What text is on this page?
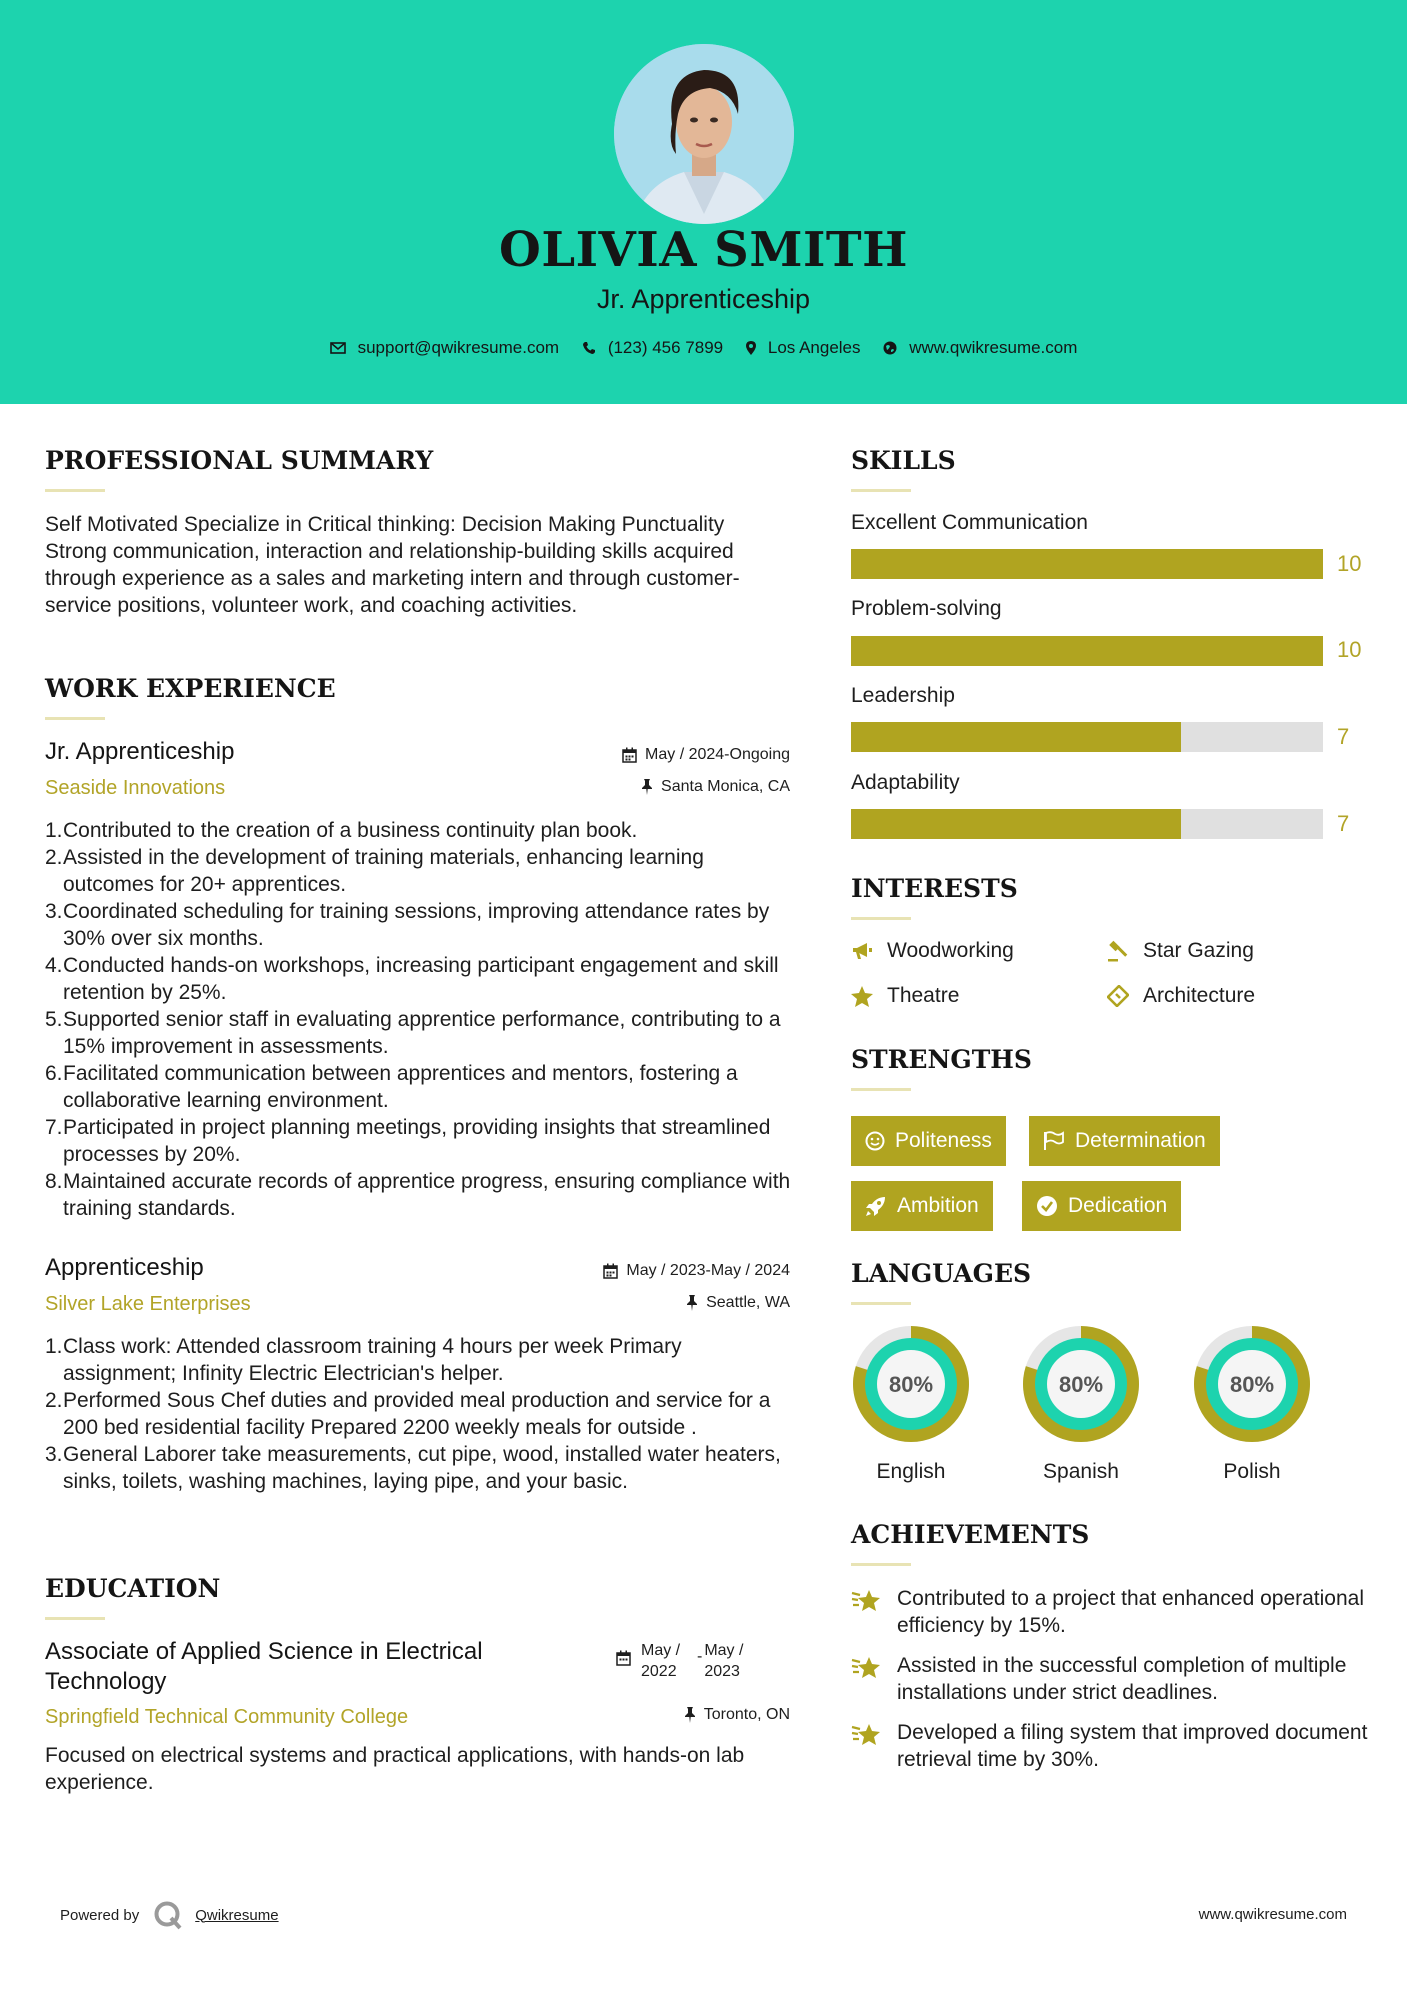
OLIVIA SMITH
Jr. Apprenticeship
support@qwikresume.com
	(123) 456 7899
	Los Angeles
	www.qwikresume.com
PROFESSIONAL SUMMARY
Self Motivated Specialize in Critical thinking: Decision Making Punctuality Strong communication, interaction and relationship-building skills acquired through experience as a sales and marketing intern and through customer-service positions, volunteer work, and coaching activities.
WORK EXPERIENCE
Jr. Apprenticeship	May / 2024-Ongoing
Seaside Innovations	Santa Monica, CA
1. Contributed to the creation of a business continuity plan book.
2. Assisted in the development of training materials, enhancing learning outcomes for 20+ apprentices.
3. Coordinated scheduling for training sessions, improving attendance rates by 30% over six months.
4. Conducted hands-on workshops, increasing participant engagement and skill retention by 25%.
5. Supported senior staff in evaluating apprentice performance, contributing to a 15% improvement in assessments.
6. Facilitated communication between apprentices and mentors, fostering a collaborative learning environment.
7. Participated in project planning meetings, providing insights that streamlined processes by 20%.
8. Maintained accurate records of apprentice progress, ensuring compliance with training standards.
Apprenticeship	May / 2023-May / 2024
Silver Lake Enterprises	Seattle, WA
1. Class work: Attended classroom training 4 hours per week Primary assignment; Infinity Electric Electrician's helper.
2. Performed Sous Chef duties and provided meal production and service for a 200 bed residential facility Prepared 2200 weekly meals for outside .
3. General Laborer take measurements, cut pipe, wood, installed water heaters, sinks, toilets, washing machines, laying pipe, and your basic.
EDUCATION
Associate of Applied Science in Electrical Technology
May / 2022
- May / 2023
Springfield Technical Community College	Toronto, ON
Focused on electrical systems and practical applications, with hands-on lab experience.
SKILLS
Excellent Communication
10
Problem-solving
10
Leadership
7
Adaptability
7
INTERESTS
Woodworking	Star Gazing
Theatre	Architecture
STRENGTHS
Politeness	Determination
Ambition	Dedication
LANGUAGES
80%
English
80%
Spanish
80%
Polish
ACHIEVEMENTS
Contributed to a project that enhanced operational efficiency by 15%.
Assisted in the successful completion of multiple installations under strict deadlines.
Developed a filing system that improved document retrieval time by 30%.
Powered by	Qwikresume	www.qwikresume.com
